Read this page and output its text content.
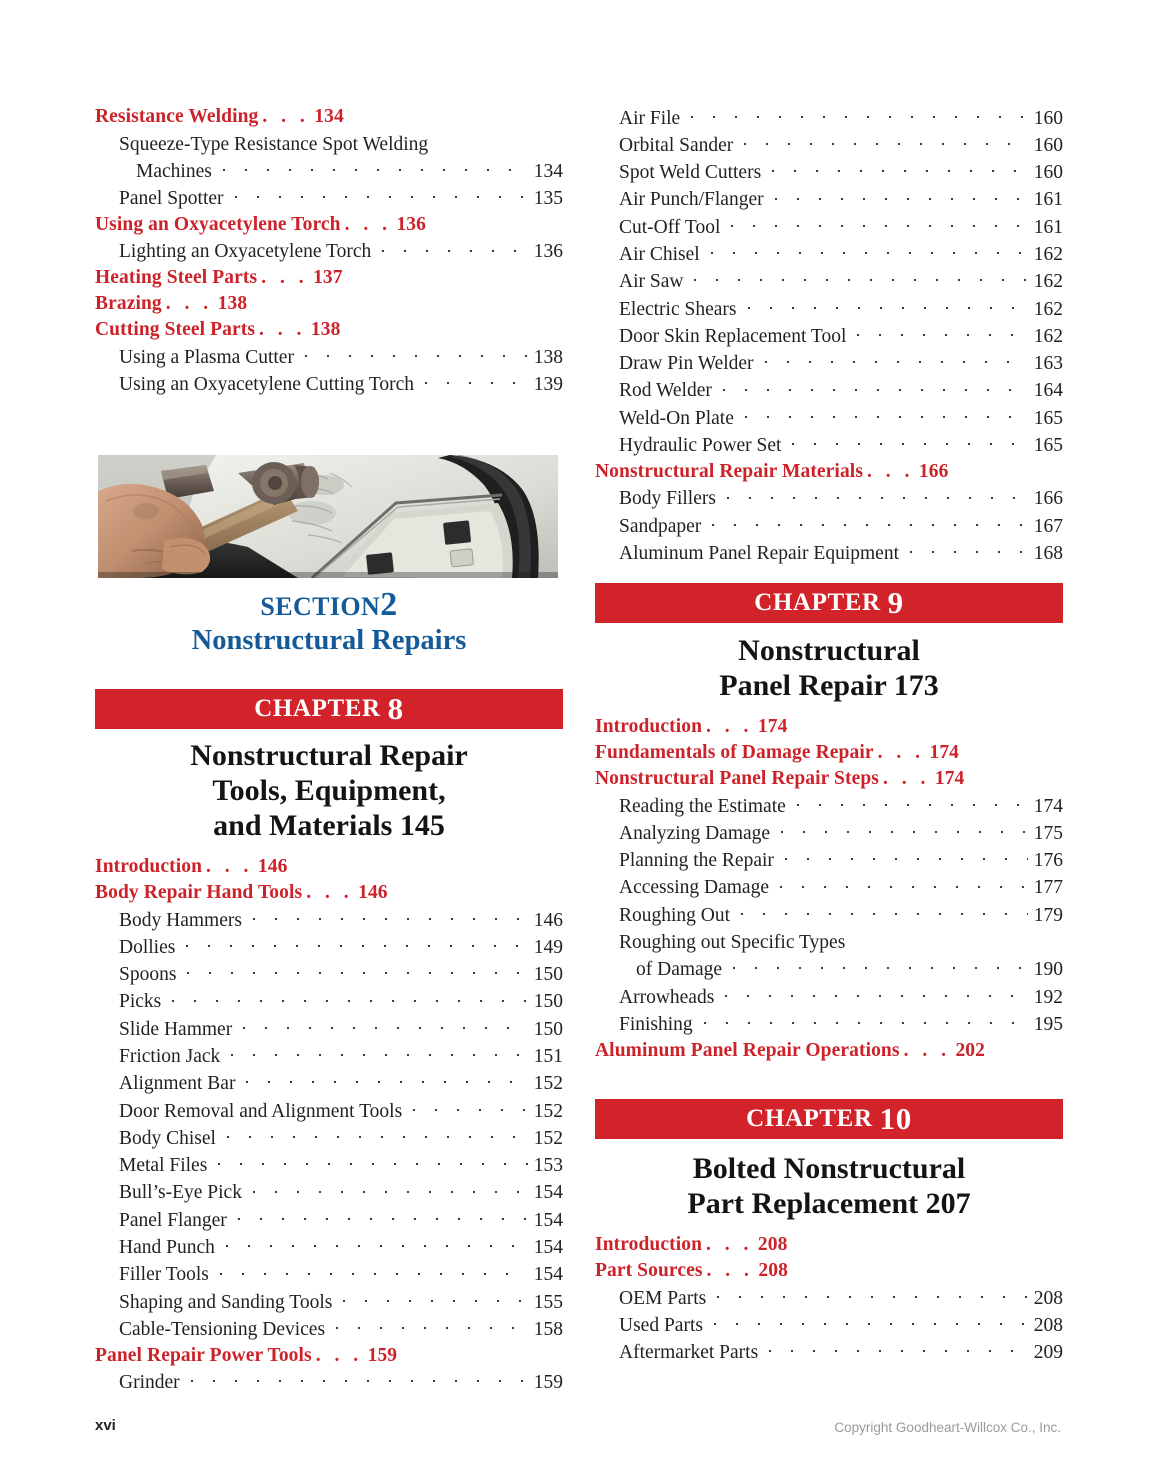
Resistance Welding . . . 134
Squeeze-Type Resistance Spot Welding
Machines	134
Panel Spotter	135
Using an Oxyacetylene Torch . . . 136
Lighting an Oxyacetylene Torch	136
Heating Steel Parts . . . 137
Brazing . . . 138
Cutting Steel Parts . . . 138
Using a Plasma Cutter	138
Using an Oxyacetylene Cutting Torch	139
SECTION2
Nonstructural Repairs
CHAPTER 8
Nonstructural Repair
Tools, Equipment,
and Materials 145
Introduction . . . 146
Body Repair Hand Tools . . . 146
Body Hammers	146
Dollies	149
Spoons	150
Picks	150
Slide Hammer	150
Friction Jack	151
Alignment Bar	152
Door Removal and Alignment Tools	152
Body Chisel	152
Metal Files	153
Bull’s-Eye Pick	154
Panel Flanger	154
Hand Punch	154
Filler Tools	154
Shaping and Sanding Tools	155
Cable-Tensioning Devices	158
Panel Repair Power Tools . . . 159
Grinder	159
Air File	160
Orbital Sander	160
Spot Weld Cutters	160
Air Punch/Flanger	161
Cut-Off Tool	161
Air Chisel	162
Air Saw	162
Electric Shears	162
Door Skin Replacement Tool	162
Draw Pin Welder	163
Rod Welder	164
Weld-On Plate	165
Hydraulic Power Set	165
Nonstructural Repair Materials . . . 166
Body Fillers	166
Sandpaper	167
Aluminum Panel Repair Equipment	168
CHAPTER 9
Nonstructural
Panel Repair 173
Introduction . . . 174
Fundamentals of Damage Repair . . . 174
Nonstructural Panel Repair Steps . . . 174
Reading the Estimate	174
Analyzing Damage	175
Planning the Repair	176
Accessing Damage	177
Roughing Out	179
Roughing out Specific Types
of Damage	190
Arrowheads	192
Finishing	195
Aluminum Panel Repair Operations . . . 202
CHAPTER 10
Bolted Nonstructural
Part Replacement 207
Introduction . . . 208
Part Sources . . . 208
OEM Parts	208
Used Parts	208
Aftermarket Parts	209
xvi	Copyright Goodheart-Willcox Co., Inc.
